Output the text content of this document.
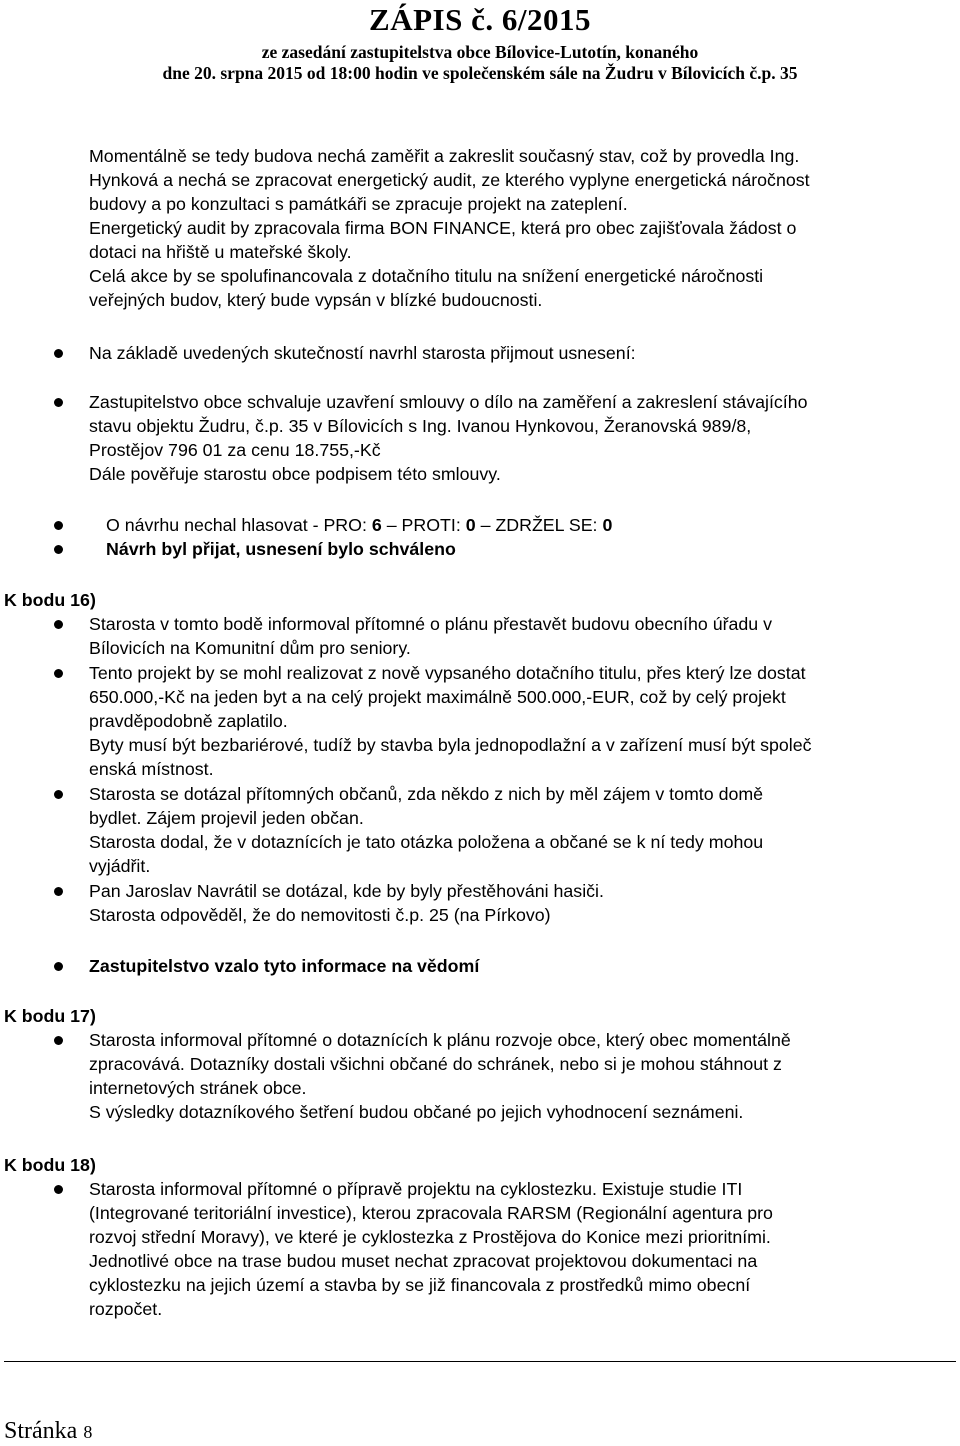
ZÁPIS č. 6/2015
ze zasedání zastupitelstva obce Bílovice-Lutotín, konaného
dne 20. srpna 2015 od 18:00 hodin ve společenském sále na Žudru v Bílovicích č.p. 35
Momentálně se tedy budova nechá zaměřit a zakreslit současný stav, což by provedla Ing.
Hynková a nechá se zpracovat energetický audit, ze kterého vyplyne energetická náročnost
budovy a po konzultaci s památkáři se zpracuje projekt na zateplení.
Energetický audit by zpracovala firma BON FINANCE, která pro obec zajišťovala žádost o
dotaci na hřiště u mateřské školy.
Celá akce by se spolufinancovala z dotačního titulu na snížení energetické náročnosti
veřejných budov, který bude vypsán v blízké budoucnosti.
Na základě uvedených skutečností navrhl starosta přijmout usnesení:
Zastupitelstvo obce schvaluje uzavření smlouvy o dílo na zaměření a zakreslení stávajícího
stavu objektu Žudru, č.p. 35 v Bílovicích s Ing. Ivanou Hynkovou, Žeranovská 989/8,
Prostějov 796 01 za cenu 18.755,-Kč
Dále pověřuje starostu obce podpisem této smlouvy.
O návrhu nechal hlasovat - PRO: 6 – PROTI: 0 – ZDRŽEL SE: 0
Návrh byl přijat, usnesení bylo schváleno
K bodu 16)
Starosta v tomto bodě informoval přítomné o plánu přestavět budovu obecního úřadu v
Bílovicích na Komunitní dům pro seniory.
Tento projekt by se mohl realizovat z nově vypsaného dotačního titulu, přes který lze dostat
650.000,-Kč na jeden byt a na celý projekt maximálně 500.000,-EUR, což by celý projekt
pravděpodobně zaplatilo.
Byty musí být bezbariérové, tudíž by stavba byla jednopodlažní a v zařízení musí být společ
enská místnost.
Starosta se dotázal přítomných občanů, zda někdo z nich by měl zájem v tomto domě
bydlet. Zájem projevil jeden občan.
Starosta dodal, že v dotaznících je tato otázka položena a občané se k ní tedy mohou
vyjádřit.
Pan Jaroslav Navrátil se dotázal, kde by byly přestěhováni hasiči.
Starosta odpověděl, že do nemovitosti č.p. 25 (na Pírkovo)
Zastupitelstvo vzalo tyto informace na vědomí
K bodu 17)
Starosta informoval přítomné o dotaznících k plánu rozvoje obce, který obec momentálně
zpracovává. Dotazníky dostali všichni občané do schránek, nebo si je mohou stáhnout z
internetových stránek obce.
S výsledky dotazníkového šetření budou občané po jejich vyhodnocení seznámeni.
K bodu 18)
Starosta informoval přítomné o přípravě projektu na cyklostezku. Existuje studie ITI
(Integrované teritoriální investice), kterou zpracovala RARSM (Regionální agentura pro
rozvoj střední Moravy), ve které je cyklostezka z Prostějova do Konice mezi prioritními.
Jednotlivé obce na trase budou muset nechat zpracovat projektovou dokumentaci na
cyklostezku na jejich území a stavba by se již financovala z prostředků mimo obecní
rozpočet.
Stránka 8
